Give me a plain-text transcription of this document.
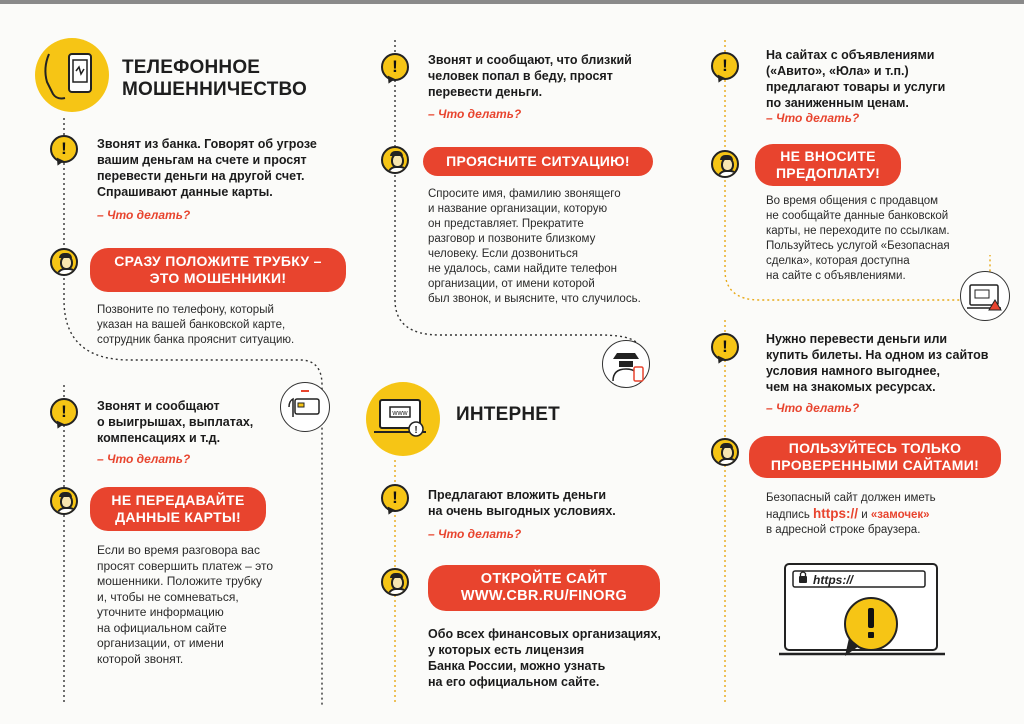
ТЕЛЕФОННОЕ
МОШЕННИЧЕСТВО
!	Звонят из банка. Говорят об угрозе
вашим деньгам на счете и просят
перевести деньги на другой счет.
Спрашивают данные карты.
– Что делать?
СРАЗУ ПОЛОЖИТЕ ТРУБКУ –
ЭТО МОШЕННИКИ!
Позвоните по телефону, который
указан на вашей банковской карте,
сотрудник банка прояснит ситуацию.
!	Звонят и сообщают
о выигрышах, выплатах,
компенсациях и т.д.
– Что делать?
НЕ ПЕРЕДАВАЙТЕ
ДАННЫЕ КАРТЫ!
Если во время разговора вас
просят совершить платеж – это
мошенники. Положите трубку
и, чтобы не сомневаться,
уточните информацию
на официальном сайте
организации, от имени
которой звонят.
!	Звонят и сообщают, что близкий
человек попал в беду, просят
перевести деньги.
– Что делать?
ПРОЯСНИТЕ СИТУАЦИЮ!
Спросите имя, фамилию звонящего
и название организации, которую
он представляет. Прекратите
разговор и позвоните близкому
человеку. Если дозвониться
не удалось, сами найдите телефон
организации, от имени которой
был звонок, и выясните, что случилось.
www
!
ИНТЕРНЕТ
!	Предлагают вложить деньги
на очень выгодных условиях.
– Что делать?
ОТКРОЙТЕ САЙТ
WWW.CBR.RU/FINORG
Обо всех финансовых организациях,
у которых есть лицензия
Банка России, можно узнать
на его официальном сайте.
!
На сайтах с объявлениями
(«Авито», «Юла» и т.п.)
предлагают товары и услуги
по заниженным ценам.
– Что делать?
НЕ ВНОСИТЕ
ПРЕДОПЛАТУ!
Во время общения с продавцом
не сообщайте данные банковской
карты, не переходите по ссылкам.
Пользуйтесь услугой «Безопасная
сделка», которая доступна
на сайте с объявлениями.
!	Нужно перевести деньги или
купить билеты. На одном из сайтов
условия намного выгоднее,
чем на знакомых ресурсах.
– Что делать?
ПОЛЬЗУЙТЕСЬ ТОЛЬКО
ПРОВЕРЕННЫМИ САЙТАМИ!
Безопасный сайт должен иметь
надпись https:// и «замочек»
в адресной строке браузера.
https://
